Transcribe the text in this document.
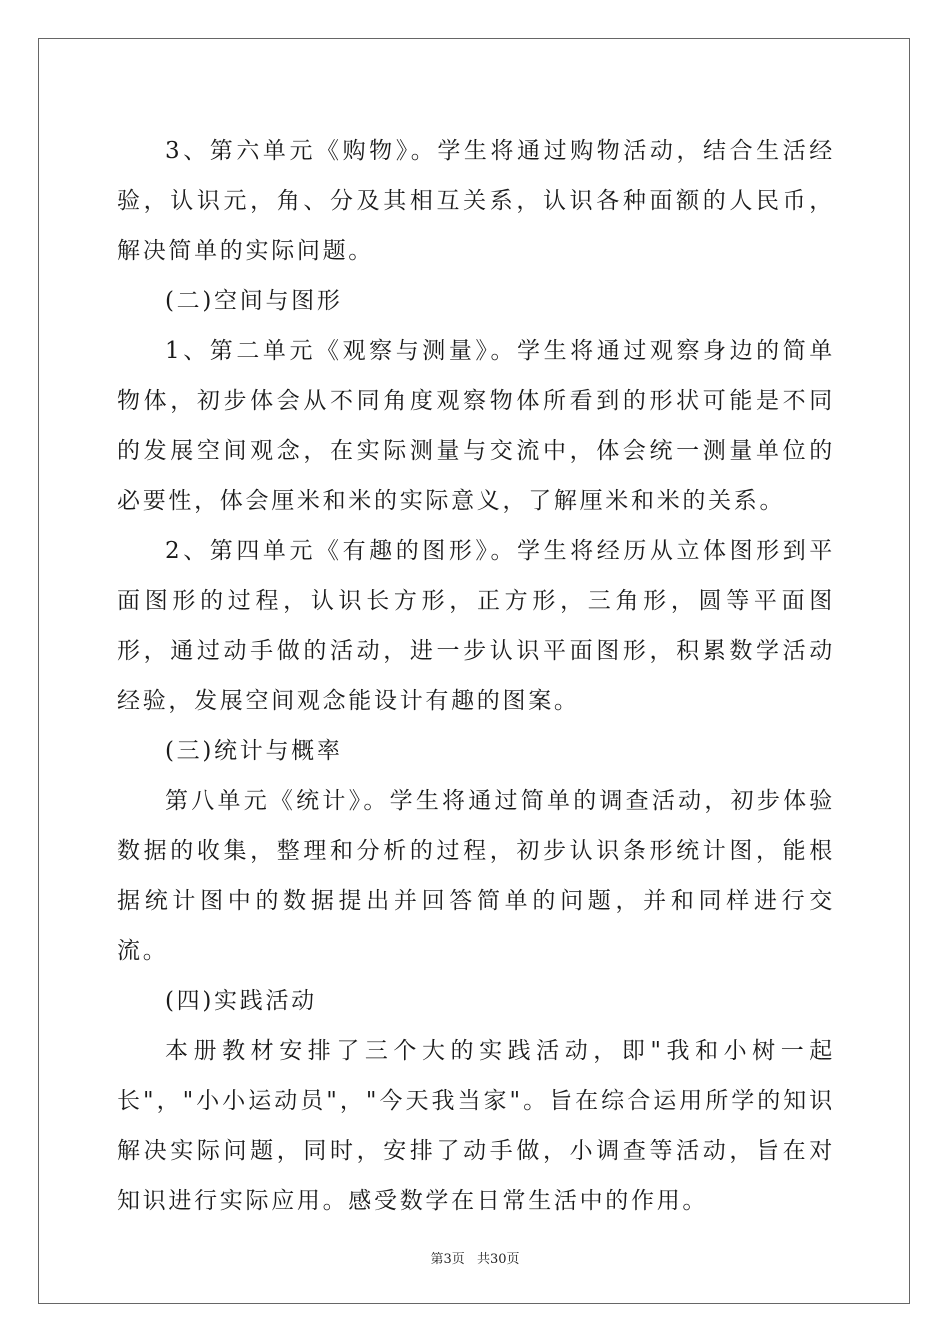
3、第六单元《购物》。学生将通过购物活动，结合生活经验，认识元，角、分及其相互关系，认识各种面额的人民币，解决简单的实际问题。

(二)空间与图形

1、第二单元《观察与测量》。学生将通过观察身边的简单物体，初步体会从不同角度观察物体所看到的形状可能是不同的发展空间观念，在实际测量与交流中，体会统一测量单位的必要性，体会厘米和米的实际意义，了解厘米和米的关系。

2、第四单元《有趣的图形》。学生将经历从立体图形到平面图形的过程，认识长方形，正方形，三角形，圆等平面图形，通过动手做的活动，进一步认识平面图形，积累数学活动经验，发展空间观念能设计有趣的图案。

(三)统计与概率

第八单元《统计》。学生将通过简单的调查活动，初步体验数据的收集，整理和分析的过程，初步认识条形统计图，能根据统计图中的数据提出并回答简单的问题，并和同样进行交流。

(四)实践活动

本册教材安排了三个大的实践活动，即"我和小树一起长"，"小小运动员"，"今天我当家"。旨在综合运用所学的知识解决实际问题，同时，安排了动手做，小调查等活动，旨在对知识进行实际应用。感受数学在日常生活中的作用。

第3页 共30页
